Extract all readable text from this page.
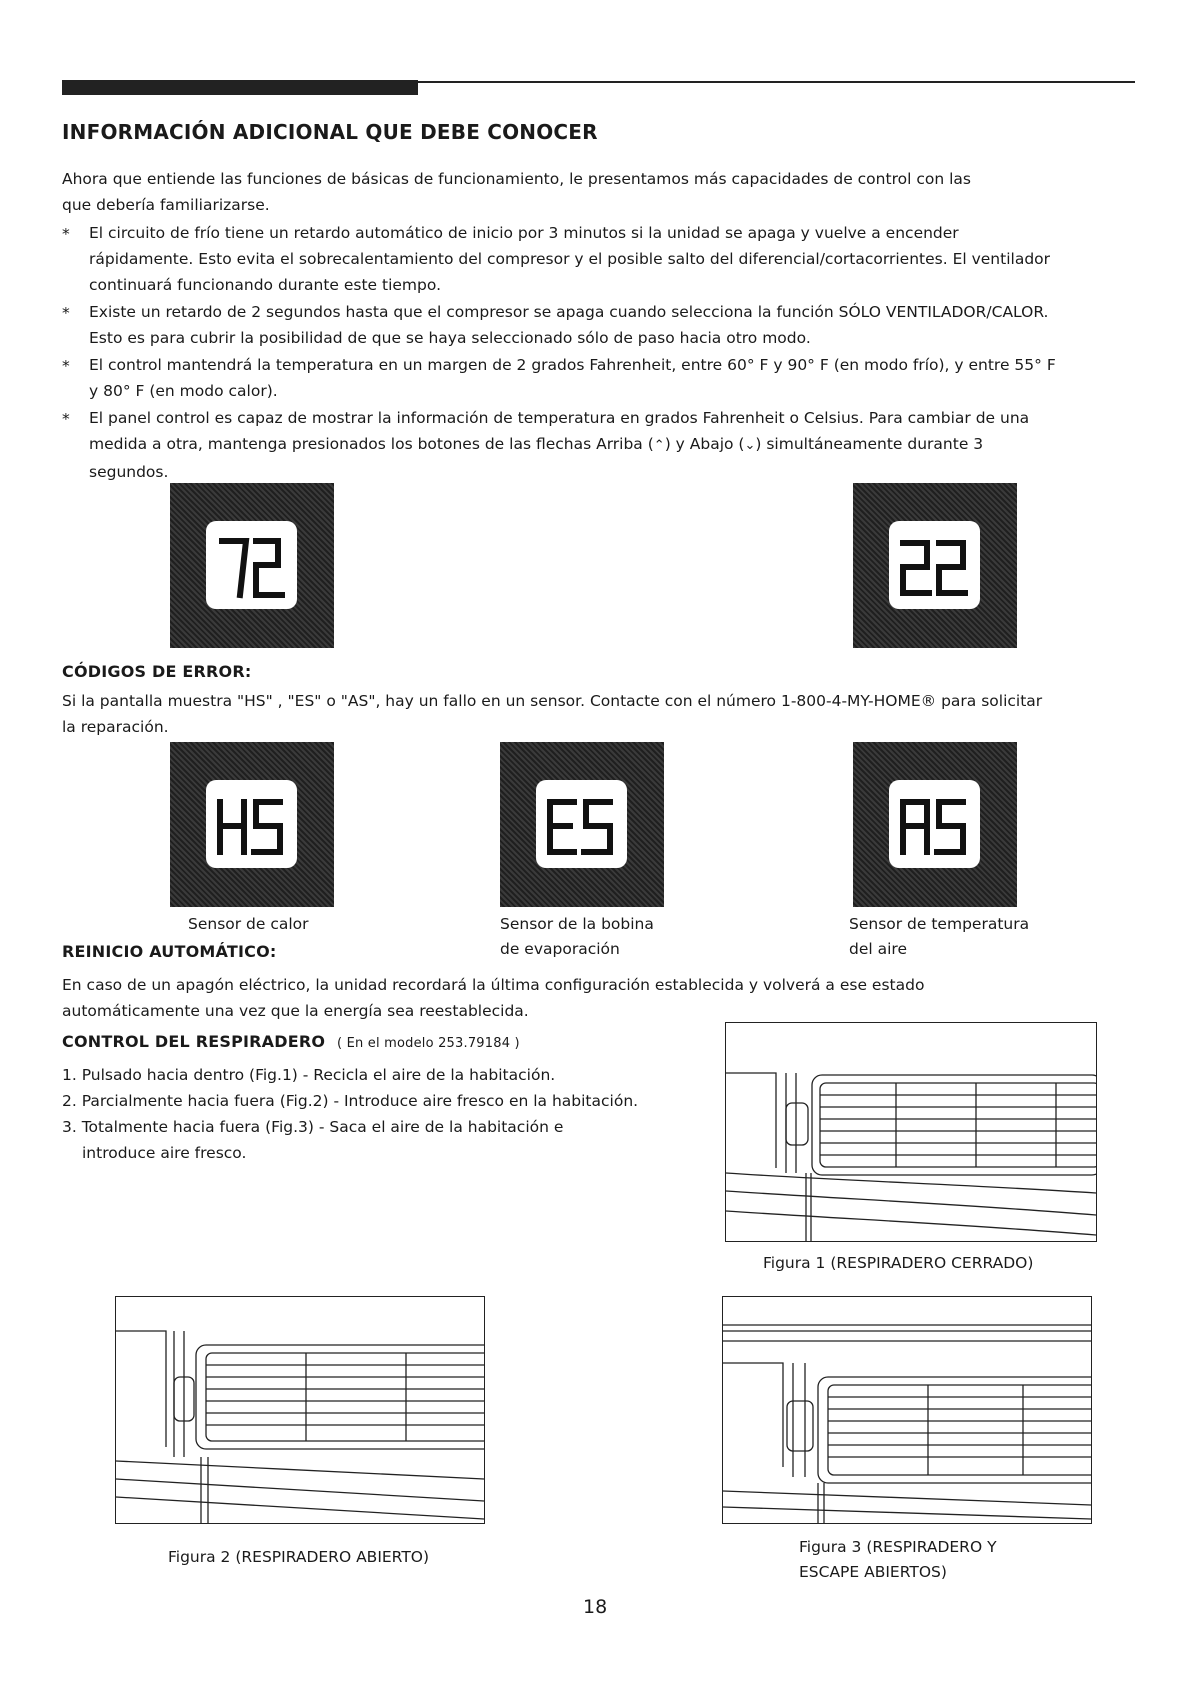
INFORMACIÓN ADICIONAL QUE DEBE CONOCER

Ahora que entiende las funciones de básicas de funcionamiento, le presentamos más capacidades de control con las que debería familiarizarse.

* El circuito de frío tiene un retardo automático de inicio por 3 minutos si la unidad se apaga y vuelve a encender rápidamente. Esto evita el sobrecalentamiento del compresor y el posible salto del diferencial/cortacorrientes. El ventilador continuará funcionando durante este tiempo.
* Existe un retardo de 2 segundos hasta que el compresor se apaga cuando selecciona la función SÓLO VENTILADOR/CALOR. Esto es para cubrir la posibilidad de que se haya seleccionado sólo de paso hacia otro modo.
* El control mantendrá la temperatura en un margen de 2 grados Fahrenheit, entre 60° F y 90° F (en modo frío), y entre 55° F y 80° F (en modo calor).
* El panel control es capaz de mostrar la información de temperatura en grados Fahrenheit o Celsius. Para cambiar de una medida a otra, mantenga presionados los botones de las flechas Arriba (⌃) y Abajo (⌄) simultáneamente durante 3 segundos.
CÓDIGOS DE ERROR:

Si la pantalla muestra "HS" , "ES" o "AS", hay un fallo en un sensor. Contacte con el número 1-800-4-MY-HOME® para solicitar la reparación.

Sensor de calor	Sensor de la bobina

de evaporación

Sensor de temperatura

del aire

REINICIO AUTOMÁTICO:

En caso de un apagón eléctrico, la unidad recordará la última configuración establecida y volverá a ese estado automáticamente una vez que la energía sea reestablecida.

CONTROL DEL RESPIRADERO ( En el modelo 253.79184 )
1. Pulsado hacia dentro (Fig.1) - Recicla el aire de la habitación.
2. Parcialmente hacia fuera (Fig.2) - Introduce aire fresco en la habitación.
3. Totalmente hacia fuera (Fig.3) - Saca el aire de la habitación e
introduce aire fresco.

Figura 1 (RESPIRADERO CERRADO)

Figura 2 (RESPIRADERO ABIERTO)

Figura 3 (RESPIRADERO Y

ESCAPE ABIERTOS)

18
